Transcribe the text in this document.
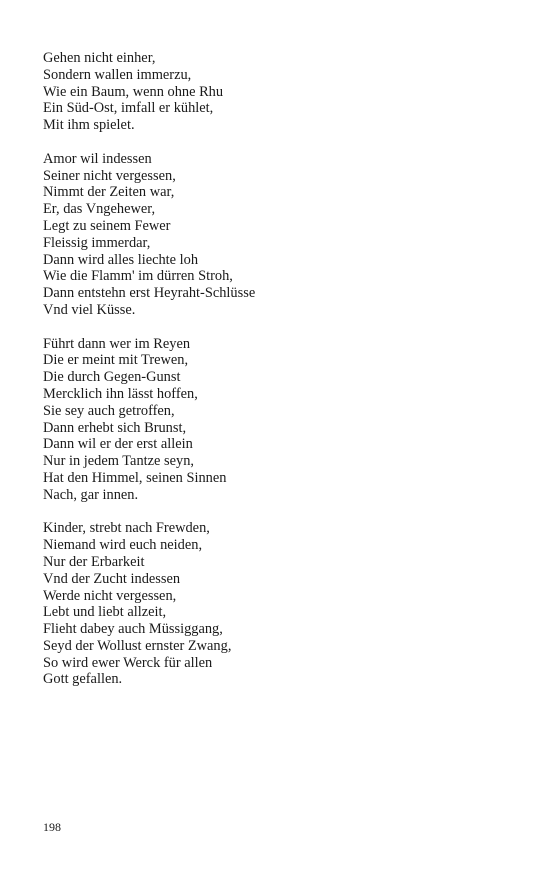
Gehen nicht einher,
Sondern wallen immerzu,
Wie ein Baum, wenn ohne Rhu
Ein Süd-Ost, imfall er kühlet,
Mit ihm spielet.
Amor wil indessen
Seiner nicht vergessen,
Nimmt der Zeiten war,
Er, das Vngehewer,
Legt zu seinem Fewer
Fleissig immerdar,
Dann wird alles liechte loh
Wie die Flamm' im dürren Stroh,
Dann entstehn erst Heyraht-Schlüsse
Vnd viel Küsse.
Führt dann wer im Reyen
Die er meint mit Trewen,
Die durch Gegen-Gunst
Mercklich ihn lässt hoffen,
Sie sey auch getroffen,
Dann erhebt sich Brunst,
Dann wil er der erst allein
Nur in jedem Tantze seyn,
Hat den Himmel, seinen Sinnen
Nach, gar innen.
Kinder, strebt nach Frewden,
Niemand wird euch neiden,
Nur der Erbarkeit
Vnd der Zucht indessen
Werde nicht vergessen,
Lebt und liebt allzeit,
Flieht dabey auch Müssiggang,
Seyd der Wollust ernster Zwang,
So wird ewer Werck für allen
Gott gefallen.
198
